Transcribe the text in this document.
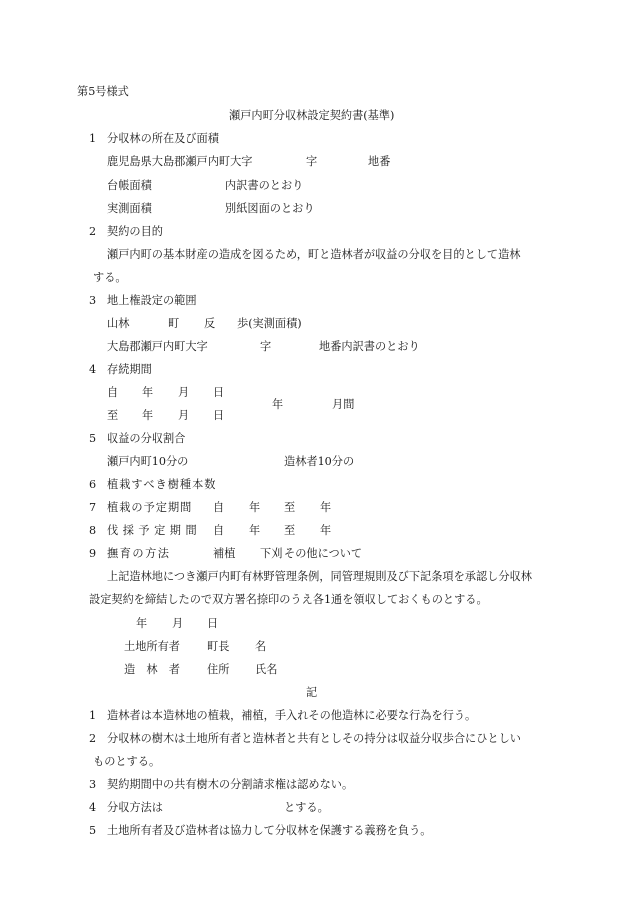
第5号様式
瀬戸内町分収林設定契約書(基準)
1 分収林の所在及び面積
鹿児島県大島郡瀬戸内町大字	字	地番
台帳面積	内訳書のとおり
実測面積	別紙図面のとおり
2 契約の目的
瀬戸内町の基本財産の造成を図るため，町と造林者が収益の分収を目的として造林
する。
3 地上権設定の範囲
山林	町 反 歩(実測面積)
大島郡瀬戸内町大字	字	地番内訳書のとおり
4 存続期間
自 年 月 日
至 年 月 日
年	月間
5 収益の分収割合
瀬戸内町10分の	造林者10分の
6 植栽すべき樹種本数
7 植栽の予定期間 自 年 至 年
8 伐採予定期間 自 年 至 年
9 撫育の方法	補植 下刈 その他について
上記造林地につき瀬戸内町有林野管理条例，同管理規則及び下記条項を承認し分収林
設定契約を締結したので双方署名捺印のうえ各1通を領収しておくものとする。
年 月 日
土地所有者 町長 名
造　林　者 住所 氏名
記
1 造林者は本造林地の植栽，補植，手入れその他造林に必要な行為を行う。
2 分収林の樹木は土地所有者と造林者と共有としその持分は収益分収歩合にひとしい
ものとする。
3 契約期間中の共有樹木の分割請求権は認めない。
4 分収方法は	とする。
5 土地所有者及び造林者は協力して分収林を保護する義務を負う。
